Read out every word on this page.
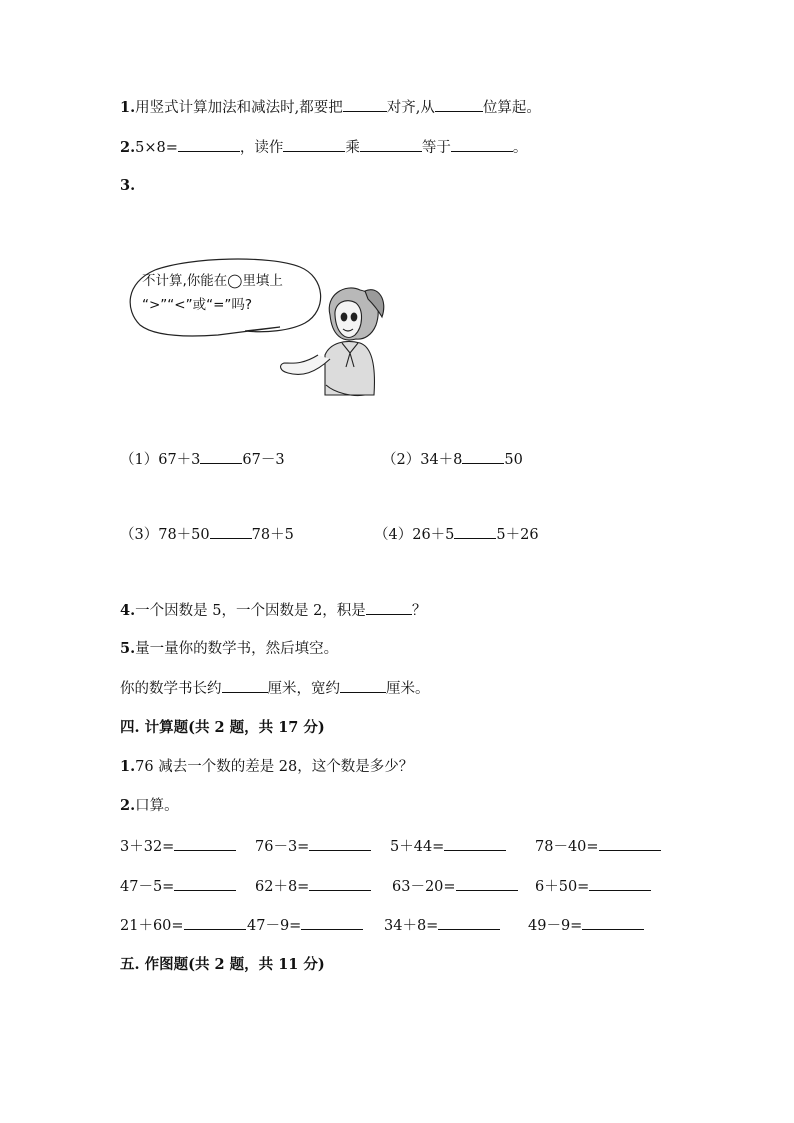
1.用竖式计算加法和减法时,都要把	对齐,从	位算起。
2.5×8=	，读作	乘	等于	。
3.
不计算,你能在◯里填上
“>”“<”或“=”吗?
（1）67＋3	67－3	（2）34＋8	50
（3）78＋50	78＋5	（4）26＋5	5＋26
4.一个因数是 5，一个因数是 2，积是	？
5.量一量你的数学书，然后填空。
你的数学书长约	厘米，宽约	厘米。
四. 计算题(共 2 题，共 17 分)
1.76 减去一个数的差是 28，这个数是多少？
2.口算。
3＋32=	76－3=	5＋44=	78－40=
47－5=	62＋8=	63－20=	6＋50=
21＋60=	47－9=	34＋8=	49－9=
五. 作图题(共 2 题，共 11 分)
